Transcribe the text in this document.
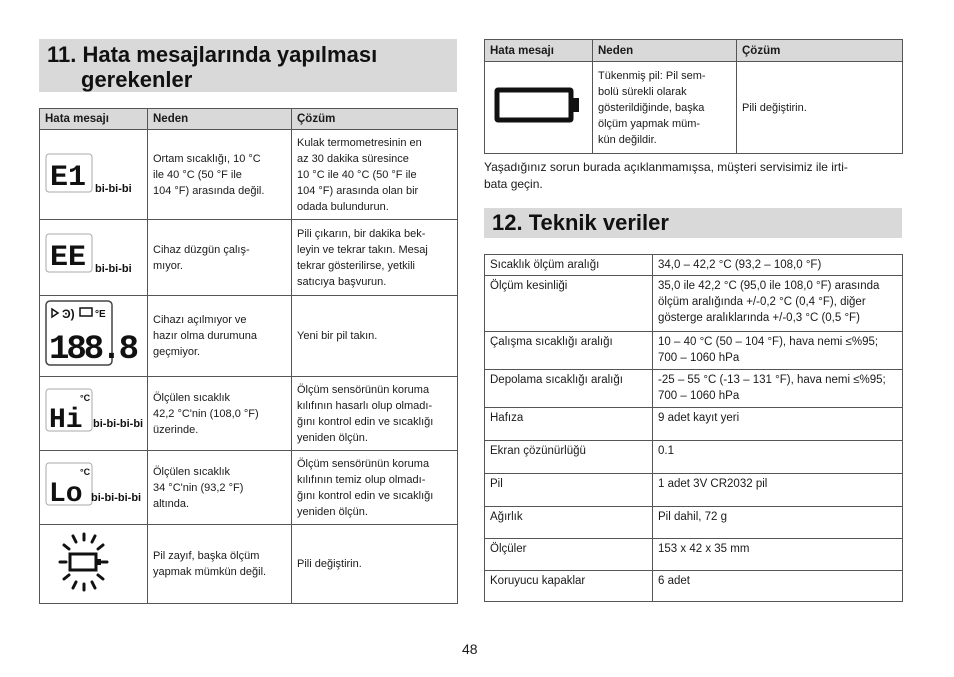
11. Hata mesajlarında yapılması gerekenler
Hata mesajı	Neden	Çözüm

E1 bi-bi-bi	Ortam sıcaklığı, 10 °C
ile 40 °C (50 °F ile
104 °F) arasında değil.	Kulak termometresinin en
az 30 dakika süresince
10 °C ile 40 °C (50 °F ile
104 °F) arasında olan bir
odada bulundurun.

EE bi-bi-bi	Cihaz düzgün çalış-
mıyor.	Pili çıkarın, bir dakika bek-
leyin ve tekrar takın. Mesaj
tekrar gösterilirse, yetkili
satıcıya başvurun.

Ͽ) °E
188.8	Cihazı açılmıyor ve
hazır olma durumuna
geçmiyor.	Yeni bir pil takın.

°C
Hi bi-bi-bi-bi	Ölçülen sıcaklık
42,2 °C'nin (108,0 °F)
üzerinde.	Ölçüm sensörünün koruma
kılıfının hasarlı olup olmadı-
ğını kontrol edin ve sıcaklığı
yeniden ölçün.

°C
Lo bi-bi-bi-bi	Ölçülen sıcaklık
34 °C'nin (93,2 °F)
altında.	Ölçüm sensörünün koruma
kılıfının temiz olup olmadı-
ğını kontrol edin ve sıcaklığı
yeniden ölçün.
	Pil zayıf, başka ölçüm
yapmak mümkün değil.	Pili değiştirin.
Hata mesajı	Neden	Çözüm
	Tükenmiş pil: Pil sem-
bolü sürekli olarak
gösterildiğinde, başka
ölçüm yapmak müm-
kün değildir.	Pili değiştirin.
Yaşadığınız sorun burada açıklanmamışsa, müşteri servisimiz ile irti-
bata geçin.
12. Teknik veriler
Sıcaklık ölçüm aralığı	34,0 – 42,2 °C (93,2 – 108,0 °F)
Ölçüm kesinliği	35,0 ile 42,2 °C (95,0 ile 108,0 °F) arasında
ölçüm aralığında +/-0,2 °C (0,4 °F), diğer
gösterge aralıklarında +/-0,3 °C (0,5 °F)
Çalışma sıcaklığı aralığı	10 – 40 °C (50 – 104 °F), hava nemi ≤%95;
700 – 1060 hPa
Depolama sıcaklığı aralığı	-25 – 55 °C (-13 – 131 °F), hava nemi ≤%95;
700 – 1060 hPa
Hafıza	9 adet kayıt yeri
Ekran çözünürlüğü	0.1
Pil	1 adet 3V CR2032 pil
Ağırlık	Pil dahil, 72 g
Ölçüler	153 x 42 x 35 mm
Koruyucu kapaklar	6 adet
48
